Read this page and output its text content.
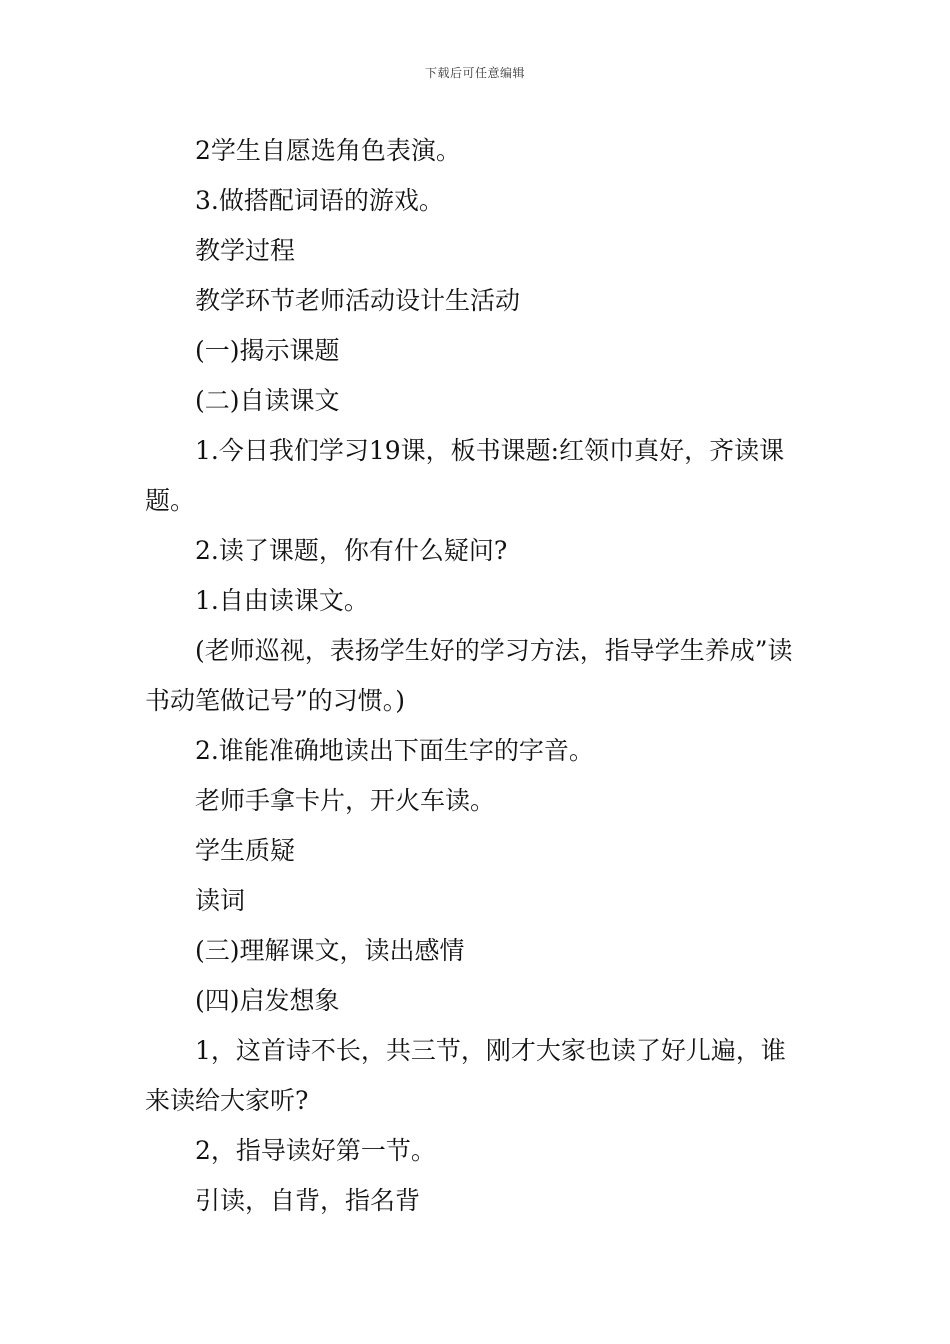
下载后可任意编辑

2学生自愿选角色表演。

3.做搭配词语的游戏。

教学过程

教学环节老师活动设计生活动

(一)揭示课题

(二)自读课文

1.今日我们学习19课，板书课题:红领巾真好，齐读课题。

2.读了课题，你有什么疑问?

1.自由读课文。

(老师巡视，表扬学生好的学习方法，指导学生养成”读书动笔做记号”的习惯。)

2.谁能准确地读出下面生字的字音。

老师手拿卡片，开火车读。

学生质疑

读词

(三)理解课文，读出感情

(四)启发想象

1，这首诗不长，共三节，刚才大家也读了好儿遍，谁来读给大家听?

2，指导读好第一节。

引读，自背，指名背
